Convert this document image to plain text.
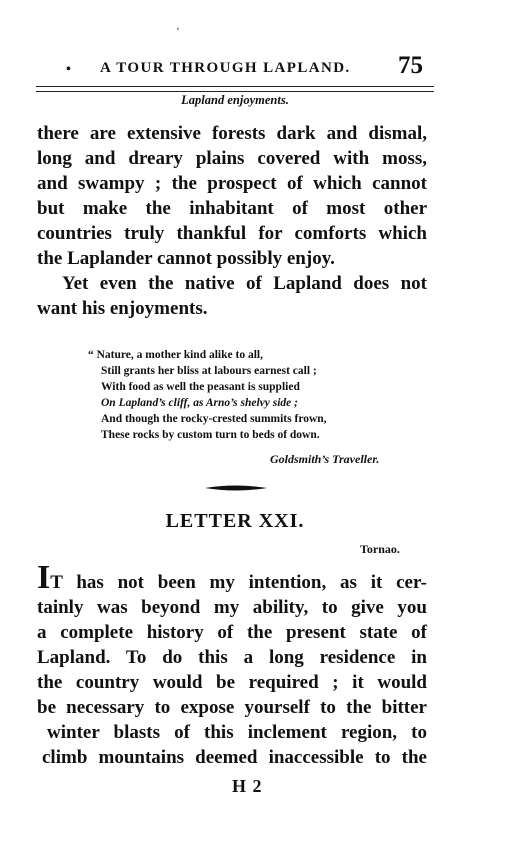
ʻ
• A TOUR THROUGH LAPLAND. 75
Lapland enjoyments.
there are extensive forests dark and dismal,
long and dreary plains covered with moss,
and swampy ; the prospect of which cannot
but make the inhabitant of most other
countries truly thankful for comforts which
the Laplander cannot possibly enjoy.
Yet even the native of Lapland does not
want his enjoyments.
“ Nature, a mother kind alike to all,
Still grants her bliss at labours earnest call ;
With food as well the peasant is supplied
On Lapland’s cliff, as Arno’s shelvy side ;
And though the rocky-crested summits frown,
These rocks by custom turn to beds of down.
Goldsmith’s Traveller.
LETTER XXI.
Tornao.
IT has not been my intention, as it cer-
tainly was beyond my ability, to give you
a complete history of the present state of
Lapland. To do this a long residence in
the country would be required ; it would
be necessary to expose yourself to the bitter
winter blasts of this inclement region, to
climb mountains deemed inaccessible to the
H 2
